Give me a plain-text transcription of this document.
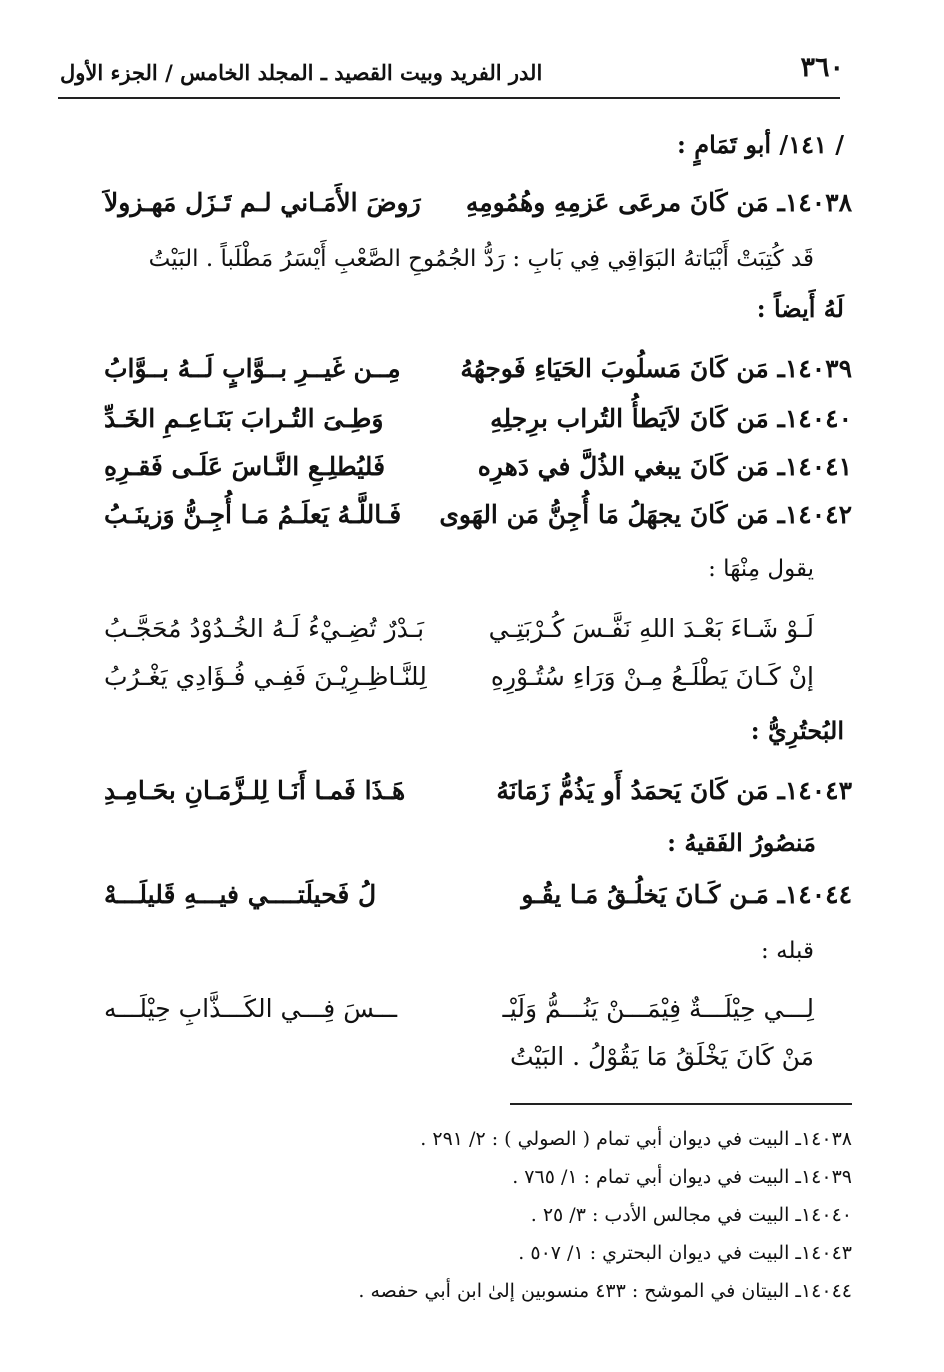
٣٦٠
الدر الفريد وبيت القصيد ـ المجلد الخامس / الجزء الأول
/ ١٤١/ أبو تَمَامٍ :
١٤٠٣٨ـ مَن كَانَ مرعَى عَزمِهِ وهُمُومِهِ
رَوضَ الأَمَـاني لـم تَـزَل مَهـزولاَ
قَد كُتِبَتْ أَبْيَاتهُ البَوَاقِي فِي بَابِ : رَدُّ الجُمُوحِ الصَّعْبِ أَيْسَرُ مَطْلَباً . البَيْتُ
لَهُ أَيضاً :
١٤٠٣٩ـ مَن كَانَ مَسلُوبَ الحَيَاءِ فَوجهُهُ
مِــن غَيــرِ بــوَّابٍ لَــهُ بــوَّابُ
١٤٠٤٠ـ مَن كَانَ لاَيَطأُ التُراب برِجلِهِ
وَطِـىَ التُـرابَ بَنَـاعِـمِ الخَـدِّ
١٤٠٤١ـ مَن كَانَ يبغي الذُلَّ في دَهرِه
فَليُطلِـعِ النَّـاسَ عَلَـى فَقـرِهِ
١٤٠٤٢ـ مَن كَانَ يجهَلُ مَا أُجِنُّ مَن الهَوى
فَـاللَّـهُ يَعلَـمُ مَـا أُجِـنُّ وَزينَـبُ
يقول مِنْهَا :
لَـوْ شَـاءَ بَعْـدَ اللهِ نَفَّـسَ كُـرْبَتِـي
بَـدْرٌ تُضِـيْءُ لَـهُ الخُـدُوْدُ مُحَجَّـبُ
إنْ كَـانَ يَطْلَـعُ مِـنْ وَرَاءِ سُتُـوْرِهِ
لِلنَّـاظِـرِيْـنَ فَفِـي فُـؤَادِي يَغْـرُبُ
البُحتُرِيُّ :
١٤٠٤٣ـ مَن كَانَ يَحمَدُ أَو يَذُمُّ زَمَانَهُ
هَـذَا فَمـا أَنَـا لِلـزَّمَـانِ بحَـامِـدِ
مَنصُورُ الفَقيهُ :
١٤٠٤٤ـ مَـن كَـانَ يَخلُـقُ مَـا يقُـو
لُ فَحيلَتــــي فيـــهِ قَليلَـــهْ
قبله :
لِـــي حِيْلَـــةٌ فِيْمَـــنْ يَنُـــمُّ وَلَيْـ
ـــسَ فِـــي الكَـــذَّابِ حِيْلَـــه
مَنْ كَانَ يَخْلَقُ مَا يَقُوْلُ . البَيْتُ
١٤٠٣٨ـ البيت في ديوان أبي تمام ( الصولي ) : ٢/ ٢٩١ .
١٤٠٣٩ـ البيت في ديوان أبي تمام : ١/ ٧٦٥ .
١٤٠٤٠ـ البيت في مجالس الأدب : ٣/ ٢٥ .
١٤٠٤٣ـ البيت في ديوان البحتري : ١/ ٥٠٧ .
١٤٠٤٤ـ البيتان في الموشح : ٤٣٣ منسوبين إلىٰ ابن أبي حفصه .
